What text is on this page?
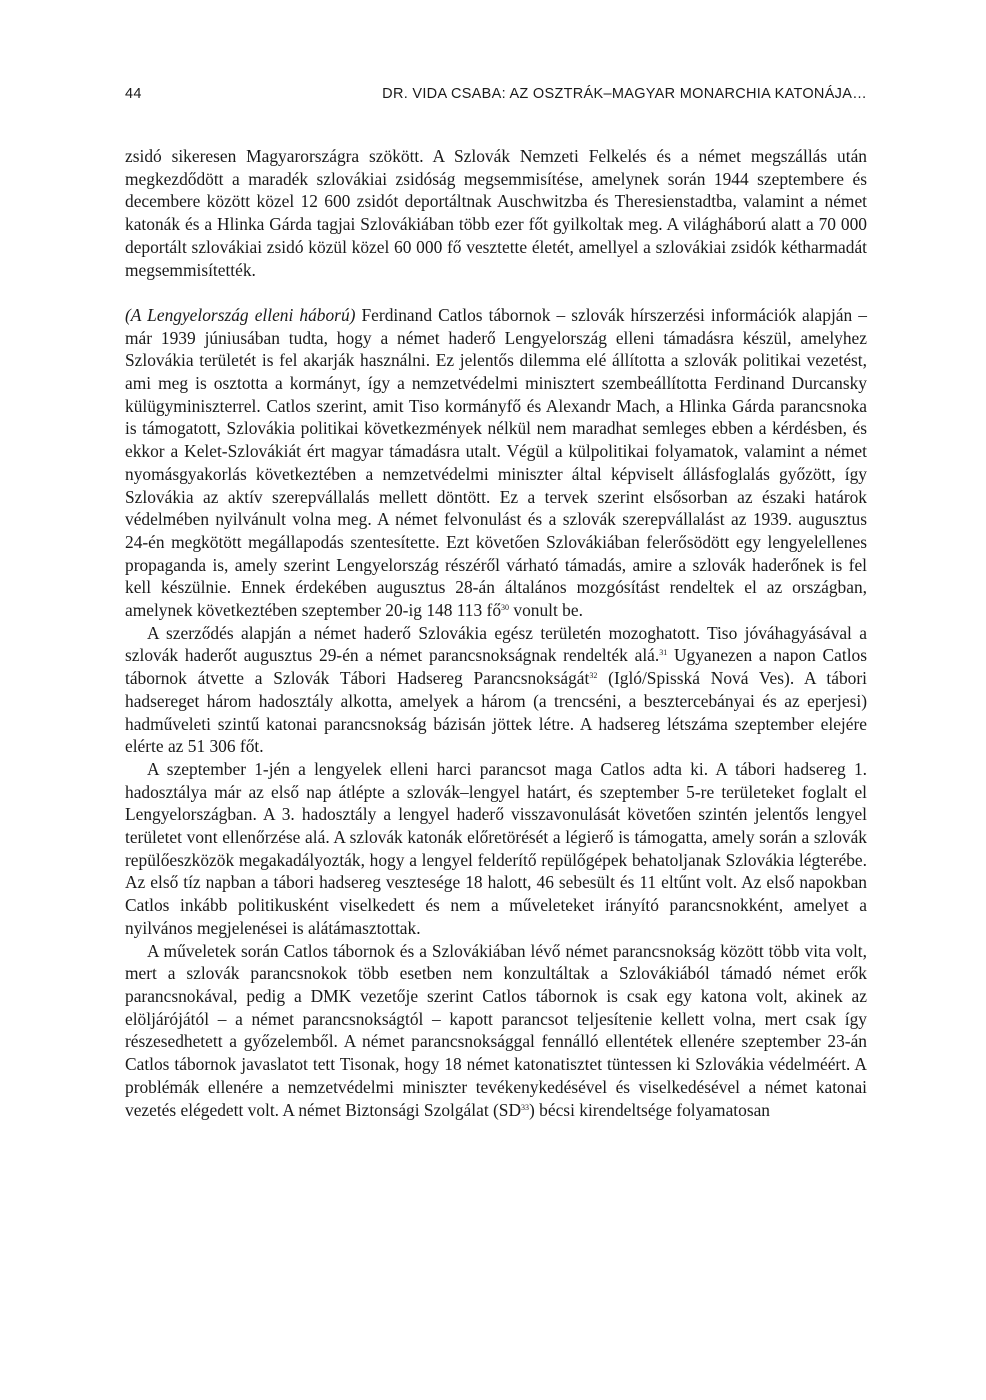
44	DR. VIDA CSABA: AZ OSZTRÁK–MAGYAR MONARCHIA KATONÁJA…

zsidó sikeresen Magyarországra szökött. A Szlovák Nemzeti Felkelés és a német megszállás után megkezdődött a maradék szlovákiai zsidóság megsemmisítése, amelynek során 1944 szeptembere és decembere között közel 12 600 zsidót deportáltnak Auschwitzba és Theresienstadtba, valamint a német katonák és a Hlinka Gárda tagjai Szlovákiában több ezer főt gyilkoltak meg. A világháború alatt a 70 000 deportált szlovákiai zsidó közül közel 60 000 fő vesztette életét, amellyel a szlovákiai zsidók kétharmadát megsemmisítették.

(A Lengyelország elleni háború) Ferdinand Catlos tábornok – szlovák hírszerzési információk alapján – már 1939 júniusában tudta, hogy a német haderő Lengyelország elleni támadásra készül, amelyhez Szlovákia területét is fel akarják használni. Ez jelentős dilemma elé állította a szlovák politikai vezetést, ami meg is osztotta a kormányt, így a nemzetvédelmi minisztert szembeállította Ferdinand Durcansky külügyminiszterrel. Catlos szerint, amit Tiso kormányfő és Alexandr Mach, a Hlinka Gárda parancsnoka is támogatott, Szlovákia politikai következmények nélkül nem maradhat semleges ebben a kérdésben, és ekkor a Kelet-Szlovákiát ért magyar támadásra utalt. Végül a külpolitikai folyamatok, valamint a német nyomásgyakorlás következtében a nemzetvédelmi miniszter által képviselt állásfoglalás győzött, így Szlovákia az aktív szerepvállalás mellett döntött. Ez a tervek szerint elsősorban az északi határok védelmében nyilvánult volna meg. A német felvonulást és a szlovák szerepvállalást az 1939. augusztus 24-én megkötött megállapodás szentesítette. Ezt követően Szlovákiában felerősödött egy lengyelellenes propaganda is, amely szerint Lengyelország részéről várható támadás, amire a szlovák haderőnek is fel kell készülnie. Ennek érdekében augusztus 28-án általános mozgósítást rendeltek el az országban, amelynek következtében szeptember 20-ig 148 113 $fő^{30}$ vonult be.

A szerződés alapján a német haderő Szlovákia egész területén mozoghatott. Tiso jóváhagyásával a szlovák haderőt augusztus 29-én a német parancsnokságnak rendelték alá.$^{31}$ Ugyanezen a napon Catlos tábornok átvette a Szlovák Tábori Hadsereg Parancsnokságát$^{32}$ (Igló/Spisská Nová Ves). A tábori hadsereget három hadosztály alkotta, amelyek a három (a trencséni, a besztercebányai és az eperjesi) hadműveleti szintű katonai parancsnokság bázisán jöttek létre. A hadsereg létszáma szeptember elejére elérte az 51 306 főt.

A szeptember 1-jén a lengyelek elleni harci parancsot maga Catlos adta ki. A tábori hadsereg 1. hadosztálya már az első nap átlépte a szlovák–lengyel határt, és szeptember 5-re területeket foglalt el Lengyelországban. A 3. hadosztály a lengyel haderő visszavonulását követően szintén jelentős lengyel területet vont ellenőrzése alá. A szlovák katonák előretörését a légierő is támogatta, amely során a szlovák repülőeszközök megakadályozták, hogy a lengyel felderítő repülőgépek behatoljanak Szlovákia légterébe. Az első tíz napban a tábori hadsereg vesztesége 18 halott, 46 sebesült és 11 eltűnt volt. Az első napokban Catlos inkább politikusként viselkedett és nem a műveleteket irányító parancsnokként, amelyet a nyilvános megjelenései is alátámasztottak.

A műveletek során Catlos tábornok és a Szlovákiában lévő német parancsnokság között több vita volt, mert a szlovák parancsnokok több esetben nem konzultáltak a Szlovákiából támadó német erők parancsnokával, pedig a DMK vezetője szerint Catlos tábornok is csak egy katona volt, akinek az elöljárójától – a német parancsnokságtól – kapott parancsot teljesítenie kellett volna, mert csak így részesedhetett a győzelemből. A német parancsnoksággal fennálló ellentétek ellenére szeptember 23-án Catlos tábornok javaslatot tett Tisonak, hogy 18 német katonatisztet tüntessen ki Szlovákia védelméért. A problémák ellenére a nemzetvédelmi miniszter tevékenykedésével és viselkedésével a német katonai vezetés elégedett volt. A német Biztonsági Szolgálat (SD$^{33}$) bécsi kirendeltsége folyamatosan
